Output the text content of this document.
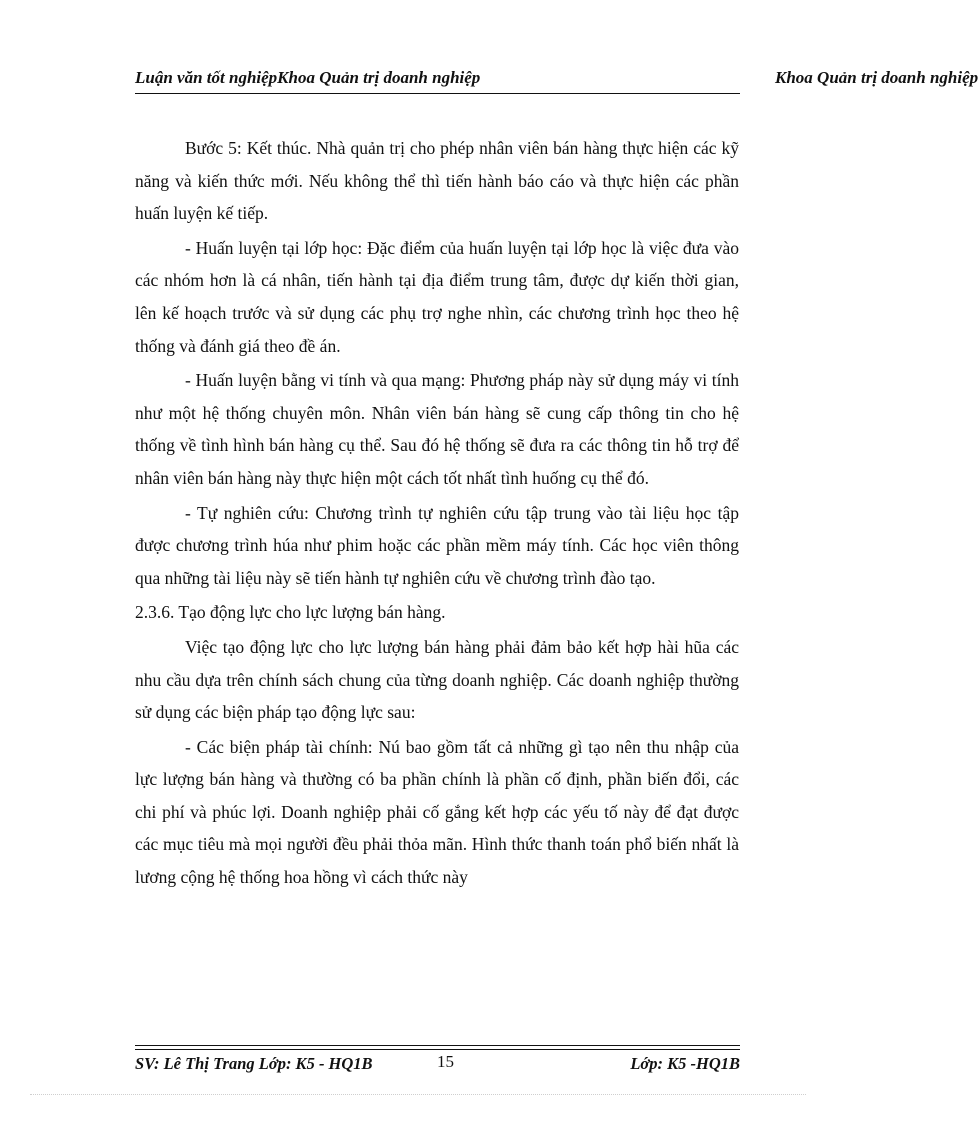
Luận văn tốt nghiệpKhoa Quản trị doanh nghiệp	Khoa Quản trị doanh nghiệp

Bước 5: Kết thúc. Nhà quản trị cho phép nhân viên bán hàng thực hiện các kỹ năng và kiến thức mới. Nếu không thể thì tiến hành báo cáo và thực hiện các phần huấn luyện kế tiếp.

- Huấn luyện tại lớp học: Đặc điểm của huấn luyện tại lớp học là việc đưa vào các nhóm hơn là cá nhân, tiến hành tại địa điểm trung tâm, được dự kiến thời gian, lên kế hoạch trước và sử dụng các phụ trợ nghe nhìn, các chương trình học theo hệ thống và đánh giá theo đề án.

- Huấn luyện bằng vi tính và qua mạng: Phương pháp này sử dụng máy vi tính như một hệ thống chuyên môn. Nhân viên bán hàng sẽ cung cấp thông tin cho hệ thống về tình hình bán hàng cụ thể. Sau đó hệ thống sẽ đưa ra các thông tin hỗ trợ để nhân viên bán hàng này thực hiện một cách tốt nhất tình huống cụ thể đó.

- Tự nghiên cứu: Chương trình tự nghiên cứu tập trung vào tài liệu học tập được chương trình húa như phim hoặc các phần mềm máy tính. Các học viên thông qua những tài liệu này sẽ tiến hành tự nghiên cứu về chương trình đào tạo.

2.3.6. Tạo động lực cho lực lượng bán hàng.

Việc tạo động lực cho lực lượng bán hàng phải đảm bảo kết hợp hài hũa các nhu cầu dựa trên chính sách chung của từng doanh nghiệp. Các doanh nghiệp thường sử dụng các biện pháp tạo động lực sau:

- Các biện pháp tài chính: Nú bao gồm tất cả những gì tạo nên thu nhập của lực lượng bán hàng và thường có ba phần chính là phần cố định, phần biến đổi, các chi phí và phúc lợi. Doanh nghiệp phải cố gắng kết hợp các yếu tố này để đạt được các mục tiêu mà mọi người đều phải thỏa mãn. Hình thức thanh toán phổ biến nhất là lương cộng hệ thống hoa hồng vì cách thức này

SV: Lê Thị Trang Lớp: K5 - HQ1B	15	Lớp: K5 -HQ1B
